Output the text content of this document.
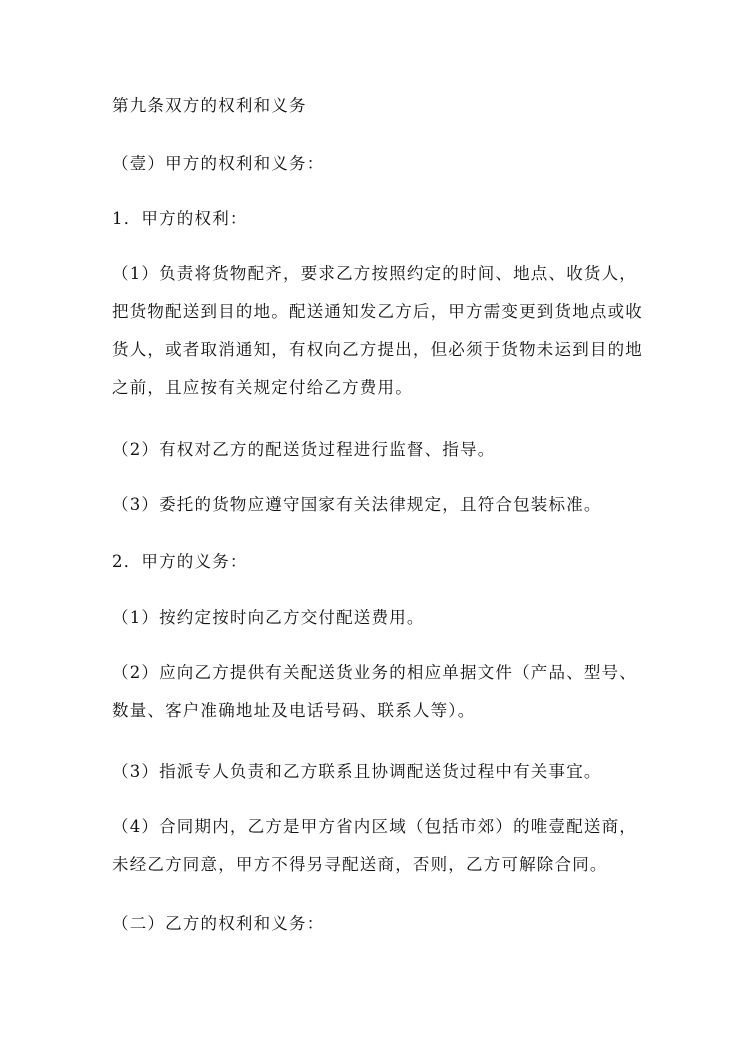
第九条双方的权利和义务
（壹）甲方的权利和义务：
1．甲方的权利：
（1）负责将货物配齐，要求乙方按照约定的时间、地点、收货人，
把货物配送到目的地。配送通知发乙方后，甲方需变更到货地点或收
货人，或者取消通知，有权向乙方提出，但必须于货物未运到目的地
之前，且应按有关规定付给乙方费用。
（2）有权对乙方的配送货过程进行监督、指导。
（3）委托的货物应遵守国家有关法律规定，且符合包装标准。
2．甲方的义务：
（1）按约定按时向乙方交付配送费用。
（2）应向乙方提供有关配送货业务的相应单据文件（产品、型号、
数量、客户准确地址及电话号码、联系人等）。
（3）指派专人负责和乙方联系且协调配送货过程中有关事宜。
（4）合同期内，乙方是甲方省内区域（包括市郊）的唯壹配送商，
未经乙方同意，甲方不得另寻配送商，否则，乙方可解除合同。
（二）乙方的权利和义务：
